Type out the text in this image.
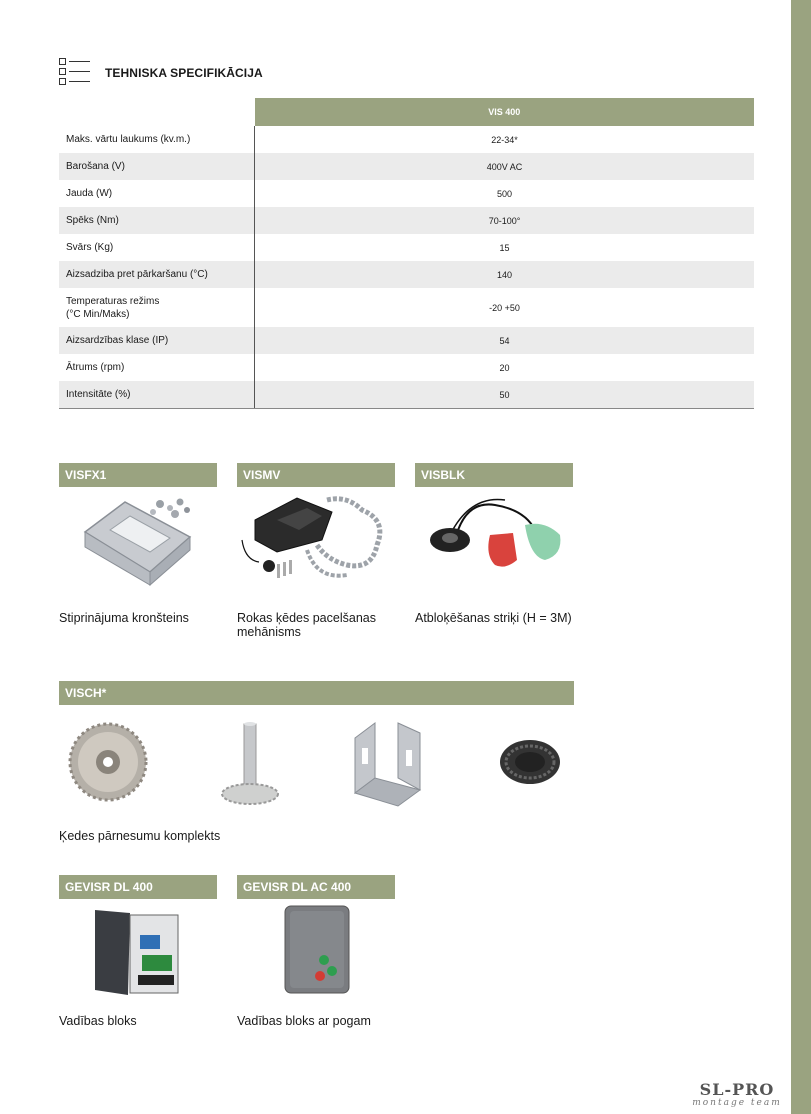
TEHNISKA SPECIFIKĀCIJA
	VIS 400
Maks. vārtu laukums (kv.m.)	22-34*
Barošana (V)	400V AC
Jauda (W)	500
Spēks (Nm)	70-100°
Svārs (Kg)	15
Aizsadziba pret pārkaršanu (°C)	140
Temperaturas režims
(°C Min/Maks)	-20 +50
Aizsardzības klase (IP)	54
Ātrums (rpm)	20
Intensitāte (%)	50
VISFX1
Stiprinājuma kronšteins
VISMV
Rokas ķēdes pacelšanas
mehānisms
VISBLK
Atbloķēšanas striķi (H = 3M)
VISCH*
Ķedes pārnesumu komplekts
GEVISR DL 400
Vadības bloks
GEVISR DL AC 400
Vadības bloks ar pogam
SL-PRO
montage team
